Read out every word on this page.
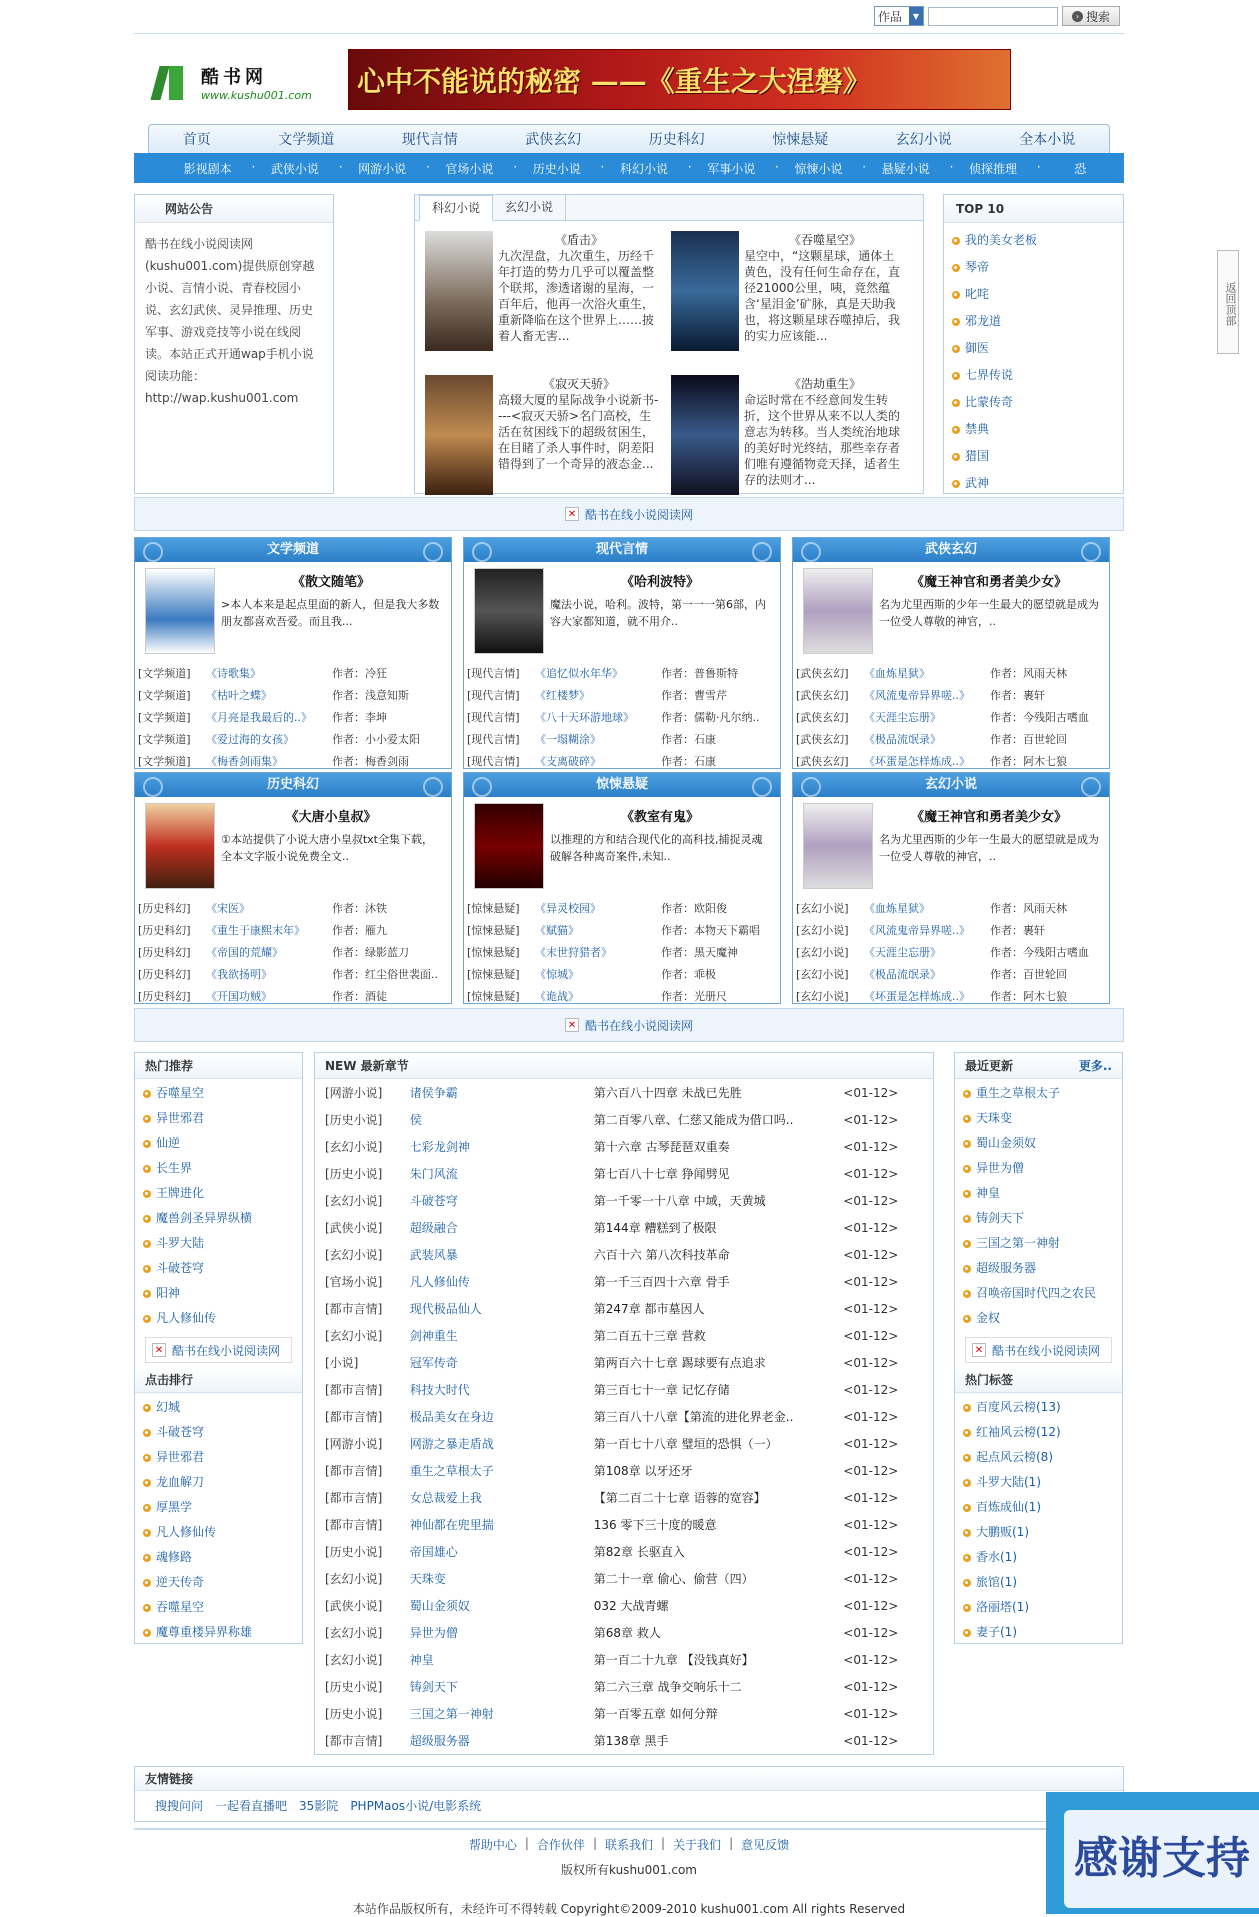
作品	▼	› 搜索
酷书网
www.kushu001.com 心中不能说的秘密 ——《重生之大涅磐》
首页	文学频道	现代言情	武侠玄幻	历史科幻	惊悚悬疑	玄幻小说	全本小说
影视剧本 ·	武侠小说 ·	网游小说 ·	官场小说 ·	历史小说 ·	科幻小说 ·	军事小说 ·	惊悚小说 ·	悬疑小说 ·	侦探推理 ·	恐 ·
网站公告

酷书在线小说阅读网(kushu001.com)提供原创穿越小说、言情小说、青春校园小说、玄幻武侠、灵异推理、历史军事、游戏竞技等小说在线阅读。本站正式开通wap手机小说阅读功能：http://wap.kushu001.com

科幻小说	玄幻小说
《盾击》

九次涅盘，九次重生，历经千年打造的势力几乎可以覆盖整个联邦，渗透诸谢的星海，一百年后，他再一次浴火重生，重新降临在这个世界上……披着人畜无害...

《吞噬星空》

星空中，“这颗星球，通体土黄色，没有任何生命存在，直径21000公里，咦，竟然蕴含‘星泪金’矿脉，真是天助我也，将这颗星球吞噬掉后，我的实力应该能...

《寂灭天骄》

高辍大厦的星际战争小说新书----<寂灭天骄>名门高校，生活在贫困线下的超级贫困生，在目睹了杀人事件时，阴差阳错得到了一个奇异的液态金...

《浩劫重生》

命运时常在不经意间发生转折，这个世界从来不以人类的意志为转移。当人类统治地球的美好时光终结，那些幸存者们唯有遵循物竞天择，适者生存的法则才...

TOP 10
我的美女老板
琴帝
叱咤
邪龙道
御医
七界传说
比蒙传奇
禁典
猎国
武神
✕ 酷书在线小说阅读网
文学频道
《散文随笔》
>本人本来是起点里面的新人，但是我大多数朋友都喜欢吾爱。而且我...
[文学频道]	《诗歌集》	作者：冷狂
[文学频道]	《枯叶之蝶》	作者：浅意知斯
[文学频道]	《月亮是我最后的..》	作者：李坤
[文学频道]	《爱过海的女孩》	作者：小小爱太阳
[文学频道]	《梅香剑雨集》	作者：梅香剑雨
现代言情
《哈利波特》
魔法小说，哈利。波特，第一一一第6部，内容大家都知道，就不用介..
[现代言情]	《追忆似水年华》	作者：普鲁斯特
[现代言情]	《红楼梦》	作者：曹雪芹
[现代言情]	《八十天环游地球》	作者：儒勒·凡尔纳..
[现代言情]	《一塌糊涂》	作者：石康
[现代言情]	《支离破碎》	作者：石康
武侠玄幻
《魔王神官和勇者美少女》
名为尤里西斯的少年一生最大的愿望就是成为一位受人尊敬的神官，..
[武侠玄幻]	《血炼星狱》	作者：风雨天林
[武侠玄幻]	《风流鬼帝异界嗟..》	作者：裹轩
[武侠玄幻]	《天涯尘忘册》	作者：今残阳古嗜血
[武侠玄幻]	《极品流氓录》	作者：百世轮回
[武侠玄幻]	《坏蛋是怎样炼成..》	作者：阿木七狼
历史科幻
《大唐小皇叔》
①本站提供了小说大唐小皇叔txt全集下载，全本文字版小说免费全文..
[历史科幻]	《宋医》	作者：沐铁
[历史科幻]	《重生于康熙末年》	作者：雁九
[历史科幻]	《帝国的荒耀》	作者：绿影蓝刀
[历史科幻]	《我欲扬明》	作者：红尘俗世裴面..
[历史科幻]	《开国功贼》	作者：酒徒
惊悚悬疑
《教室有鬼》
以推理的方和结合现代化的高科技,捕捉灵魂破解各种离奇案件,未知..
[惊悚悬疑]	《异灵校园》	作者：欧阳俊
[惊悚悬疑]	《赋猫》	作者：本物天下霸唱
[惊悚悬疑]	《末世狩猎者》	作者：黑天魔神
[惊悚悬疑]	《惊城》	作者：乖极
[惊悚悬疑]	《诡战》	作者：光册尺
玄幻小说
《魔王神官和勇者美少女》
名为尤里西斯的少年一生最大的愿望就是成为一位受人尊敬的神官，..
[玄幻小说]	《血炼星狱》	作者：风雨天林
[玄幻小说]	《风流鬼帝异界嗟..》	作者：裹轩
[玄幻小说]	《天涯尘忘册》	作者：今残阳古嗜血
[玄幻小说]	《极品流氓录》	作者：百世轮回
[玄幻小说]	《坏蛋是怎样炼成..》	作者：阿木七狼
✕ 酷书在线小说阅读网
热门推荐
吞噬星空
异世邪君
仙逆
长生界
王牌进化
魔兽剑圣异界纵横
斗罗大陆
斗破苍穹
阳神
凡人修仙传
✕ 酷书在线小说阅读网
点击排行
幻城
斗破苍穹
异世邪君
龙血解刀
厚黑学
凡人修仙传
魂修路
逆天传奇
吞噬星空
魔尊重楼异界称雄
NEW 最新章节
[网游小说]	诸侯争霸	第六百八十四章 未战已先胜	<01-12>
[历史小说]	侯	第二百零八章、仁慈又能成为借口吗..	<01-12>
[玄幻小说]	七彩龙剑神	第十六章 古琴琵琶双重奏	<01-12>
[历史小说]	朱门风流	第七百八十七章 狰闻劈见	<01-12>
[玄幻小说]	斗破苍穹	第一千零一十八章 中域，天黄城	<01-12>
[武侠小说]	超级融合	第144章 糟糕到了极限	<01-12>
[玄幻小说]	武装风暴	六百十六 第八次科技革命	<01-12>
[官场小说]	凡人修仙传	第一千三百四十六章 骨手	<01-12>
[都市言情]	现代极品仙人	第247章 都市墓因人	<01-12>
[玄幻小说]	剑神重生	第二百五十三章 营救	<01-12>
[小说]	冠军传奇	第两百六十七章 踢球要有点追求	<01-12>
[都市言情]	科技大时代	第三百七十一章 记忆存储	<01-12>
[都市言情]	极品美女在身边	第三百八十八章【第流的进化界老金..	<01-12>
[网游小说]	网游之暴走盾战	第一百七十八章 璧垣的恐惧（一）	<01-12>
[都市言情]	重生之草根太子	第108章 以牙还牙	<01-12>
[都市言情]	女总裁爱上我	【第二百二十七章 语蓉的宽容】	<01-12>
[都市言情]	神仙都在兜里揣	136 零下三十度的暖意	<01-12>
[历史小说]	帝国雄心	第82章 长驱直入	<01-12>
[玄幻小说]	天珠变	第二十一章 偷心、偷营（四）	<01-12>
[武侠小说]	蜀山金须奴	032 大战青螺	<01-12>
[玄幻小说]	异世为僧	第68章 救人	<01-12>
[玄幻小说]	神皇	第一百二十九章 【没钱真好】	<01-12>
[历史小说]	铸剑天下	第二六三章 战争交响乐十二	<01-12>
[历史小说]	三国之第一神射	第一百零五章 如何分辩	<01-12>
[都市言情]	超级服务器	第138章 黑手	<01-12>
最近更新	更多..
重生之草根太子
天珠变
蜀山金须奴
异世为僧
神皇
铸剑天下
三国之第一神射
超级服务器
召唤帝国时代四之农民
金权
✕ 酷书在线小说阅读网
热门标签
百度风云榜(13)
红袖风云榜(12)
起点风云榜(8)
斗罗大陆(1)
百炼成仙(1)
大鹏贩(1)
香水(1)
旅馆(1)
洛丽塔(1)
妻子(1)
友情链接
搜搜问问 一起看直播吧 35影院 PHPMaos小说/电影系统
帮助中心 | 合作伙伴 | 联系我们 | 关于我们 | 意见反馈
版权所有kushu001.com
本站作品版权所有，未经许可不得转载 Copyright©2009-2010 kushu001.com All rights Reserved
返回顶部
感谢支持
